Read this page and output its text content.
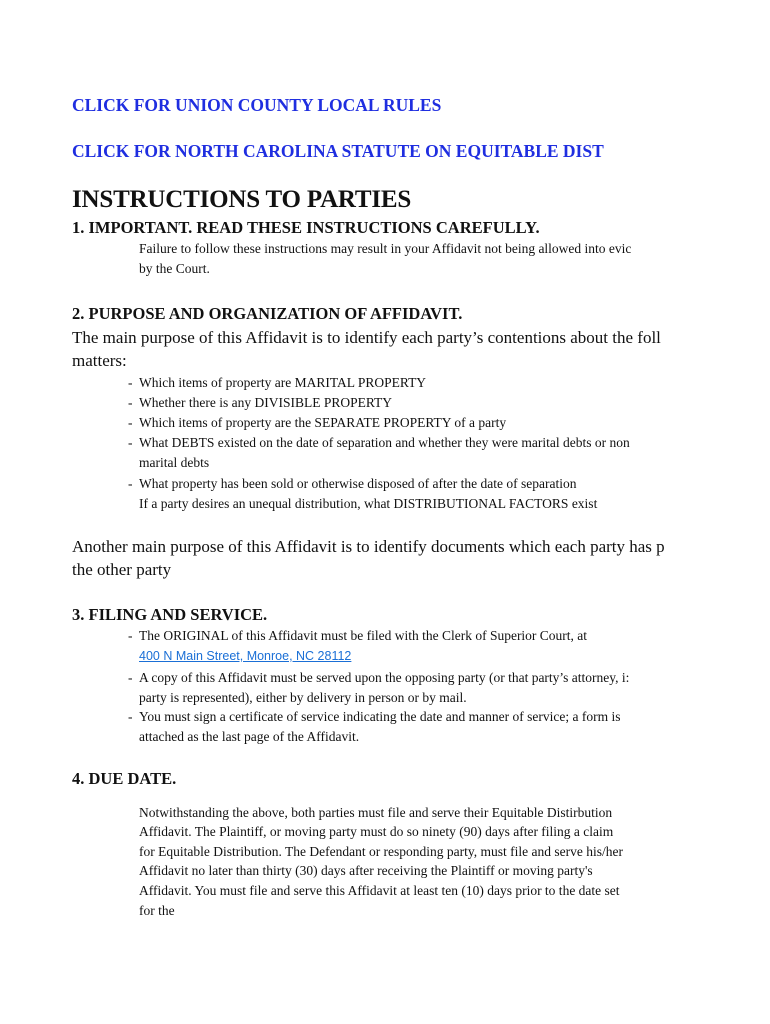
CLICK FOR UNION COUNTY LOCAL RULES
CLICK FOR NORTH CAROLINA STATUTE ON EQUITABLE DIST
INSTRUCTIONS TO PARTIES
1. IMPORTANT. READ THESE INSTRUCTIONS CAREFULLY.
Failure to follow these instructions may result in your Affidavit not being allowed into evic
by the Court.
2. PURPOSE AND ORGANIZATION OF AFFIDAVIT.
The main purpose of this Affidavit is to identify each party’s contentions about the foll
matters:
- Which items of property are MARITAL PROPERTY
- Whether there is any DIVISIBLE PROPERTY
- Which items of property are the SEPARATE PROPERTY of a party
- What DEBTS existed on the date of separation and whether they were marital debts or non
marital debts
- What property has been sold or otherwise disposed of after the date of separation
If a party desires an unequal distribution, what DISTRIBUTIONAL FACTORS exist
Another main purpose of this Affidavit is to identify documents which each party has p
the other party
3. FILING AND SERVICE.
- The ORIGINAL of this Affidavit must be filed with the Clerk of Superior Court, at
400 N Main Street, Monroe, NC 28112
- A copy of this Affidavit must be served upon the opposing party (or that party’s attorney, i:
party is represented), either by delivery in person or by mail.
- You must sign a certificate of service indicating the date and manner of service; a form is
attached as the last page of the Affidavit.
4. DUE DATE.
Notwithstanding the above, both parties must file and serve their Equitable Distirbution
Affidavit. The Plaintiff, or moving party must do so ninety (90) days after filing a claim
for Equitable Distribution. The Defendant or responding party, must file and serve his/her
Affidavit no later than thirty (30) days after receiving the Plaintiff or moving party's
Affidavit. You must file and serve this Affidavit at least ten (10) days prior to the date set
for the
